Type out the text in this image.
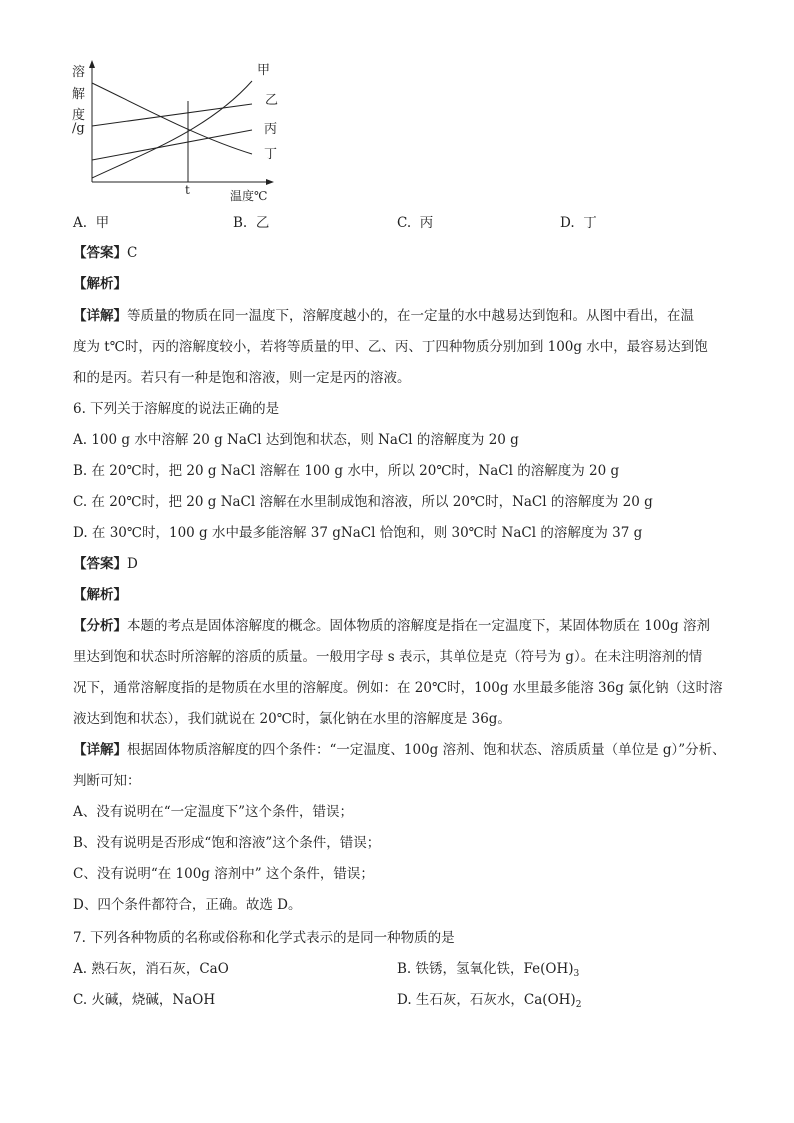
溶
解
度
/g
t	温度℃
甲
乙
丙
丁
A. 甲	B. 乙	C. 丙	D. 丁
【答案】C
【解析】
【详解】等质量的物质在同一温度下，溶解度越小的，在一定量的水中越易达到饱和。从图中看出，在温
度为 t℃时，丙的溶解度较小，若将等质量的甲、乙、丙、丁四种物质分别加到 100g 水中，最容易达到饱
和的是丙。若只有一种是饱和溶液，则一定是丙的溶液。
6. 下列关于溶解度的说法正确的是
A. 100 g 水中溶解 20 g NaCl 达到饱和状态，则 NaCl 的溶解度为 20 g
B. 在 20℃时，把 20 g NaCl 溶解在 100 g 水中，所以 20℃时，NaCl 的溶解度为 20 g
C. 在 20℃时，把 20 g NaCl 溶解在水里制成饱和溶液，所以 20℃时，NaCl 的溶解度为 20 g
D. 在 30℃时，100 g 水中最多能溶解 37 gNaCl 恰饱和，则 30℃时 NaCl 的溶解度为 37 g
【答案】D
【解析】
【分析】本题的考点是固体溶解度的概念。固体物质的溶解度是指在一定温度下，某固体物质在 100g 溶剂
里达到饱和状态时所溶解的溶质的质量。一般用字母 s 表示，其单位是克（符号为 g）。在未注明溶剂的情
况下，通常溶解度指的是物质在水里的溶解度。例如：在 20℃时，100g 水里最多能溶 36g 氯化钠（这时溶
液达到饱和状态），我们就说在 20℃时，氯化钠在水里的溶解度是 36g。
【详解】根据固体物质溶解度的四个条件：“一定温度、100g 溶剂、饱和状态、溶质质量（单位是 g）”分析、
判断可知：
A、没有说明在“一定温度下”这个条件，错误；
B、没有说明是否形成“饱和溶液”这个条件，错误；
C、没有说明“在 100g 溶剂中” 这个条件，错误；
D、四个条件都符合，正确。故选 D。
7. 下列各种物质的名称或俗称和化学式表示的是同一种物质的是
A. 熟石灰，消石灰，CaO	B. 铁锈，氢氧化铁，$Fe(OH)_3$
C. 火碱，烧碱，NaOH	D. 生石灰，石灰水，$Ca(OH)_2$
